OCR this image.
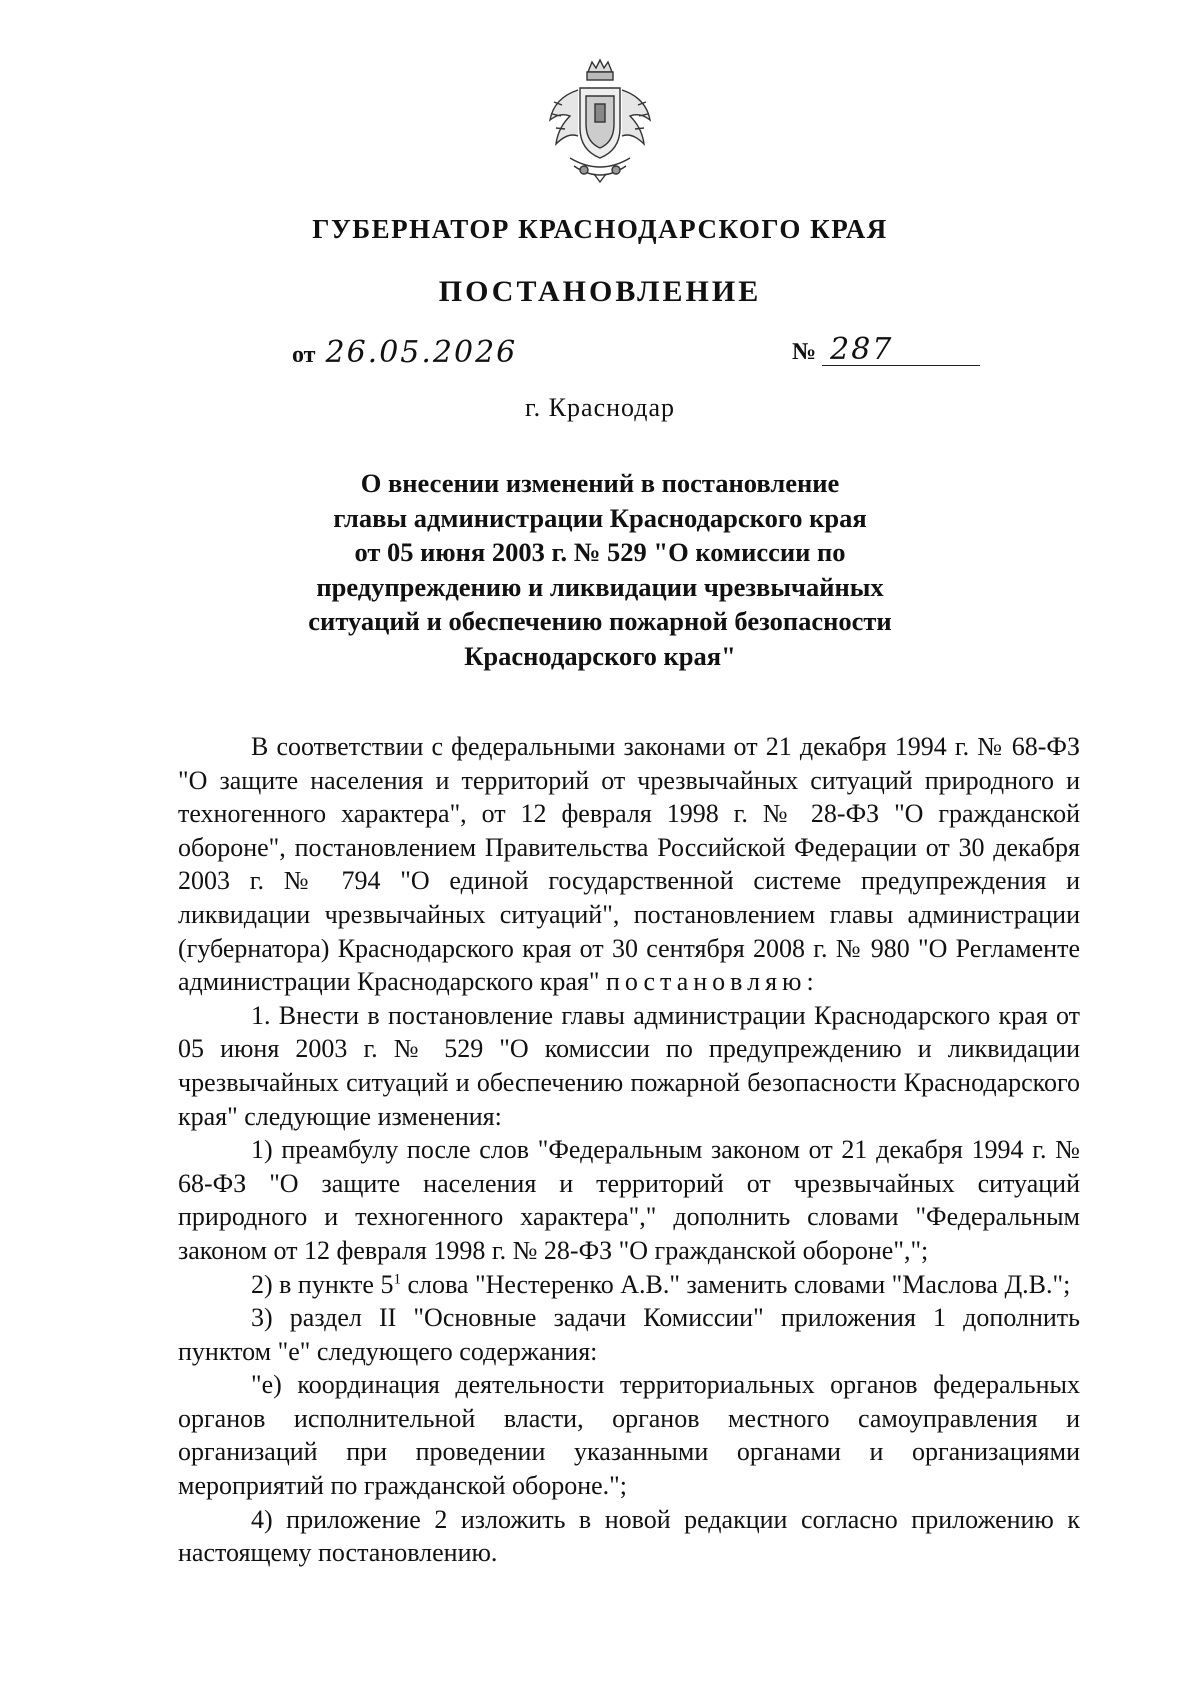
ГУБЕРНАТОР КРАСНОДАРСКОГО КРАЯ
ПОСТАНОВЛЕНИЕ
от 26.05.2026	№ 287
г. Краснодар
О внесении изменений в постановление
главы администрации Краснодарского края
от 05 июня 2003 г. № 529 "О комиссии по
предупреждению и ликвидации чрезвычайных
ситуаций и обеспечению пожарной безопасности
Краснодарского края"

В соответствии с федеральными законами от 21 декабря 1994 г. № 68-ФЗ "О защите населения и территорий от чрезвычайных ситуаций природного и техногенного характера", от 12 февраля 1998 г. № 28-ФЗ "О гражданской обороне", постановлением Правительства Российской Федерации от 30 декабря 2003 г. № 794 "О единой государственной системе предупреждения и ликвидации чрезвычайных ситуаций", постановлением главы администрации (губернатора) Краснодарского края от 30 сентября 2008 г. № 980 "О Регламенте администрации Краснодарского края" постановляю:

1. Внести в постановление главы администрации Краснодарского края от 05 июня 2003 г. № 529 "О комиссии по предупреждению и ликвидации чрезвычайных ситуаций и обеспечению пожарной безопасности Краснодарского края" следующие изменения:

1) преамбулу после слов "Федеральным законом от 21 декабря 1994 г. № 68-ФЗ "О защите населения и территорий от чрезвычайных ситуаций природного и техногенного характера"," дополнить словами "Федеральным законом от 12 февраля 1998 г. № 28-ФЗ "О гражданской обороне",";

2) в пункте $5^1$ слова "Нестеренко А.В." заменить словами "Маслова Д.В.";

3) раздел II "Основные задачи Комиссии" приложения 1 дополнить пунктом "е" следующего содержания:

"е) координация деятельности территориальных органов федеральных органов исполнительной власти, органов местного самоуправления и организаций при проведении указанными органами и организациями мероприятий по гражданской обороне.";

4) приложение 2 изложить в новой редакции согласно приложению к настоящему постановлению.
